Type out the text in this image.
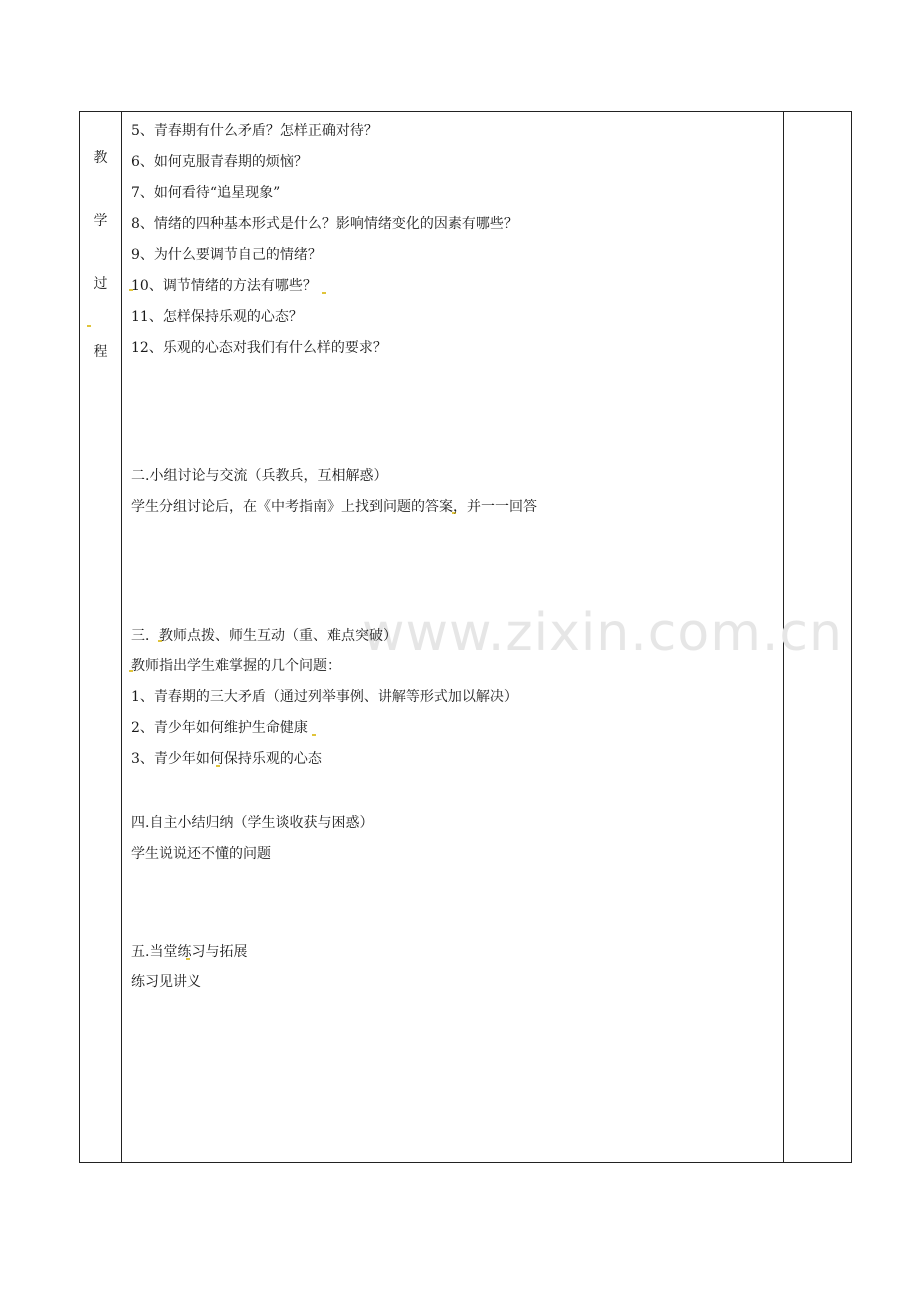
教
学
过
程
www.zixin.com.cn
5、青春期有什么矛盾？怎样正确对待？
6、如何克服青春期的烦恼？
7、如何看待“追星现象”
8、情绪的四种基本形式是什么？影响情绪变化的因素有哪些？
9、为什么要调节自己的情绪？
10、调节情绪的方法有哪些？
11、怎样保持乐观的心态？
12、乐观的心态对我们有什么样的要求？
二.小组讨论与交流（兵教兵，互相解惑）
学生分组讨论后，在《中考指南》上找到问题的答案，并一一回答
三．教师点拨、师生互动（重、难点突破）
教师指出学生难掌握的几个问题：
1、青春期的三大矛盾（通过列举事例、讲解等形式加以解决）
2、青少年如何维护生命健康
3、青少年如何保持乐观的心态
四.自主小结归纳（学生谈收获与困惑）
学生说说还不懂的问题
五.当堂练习与拓展
练习见讲义
